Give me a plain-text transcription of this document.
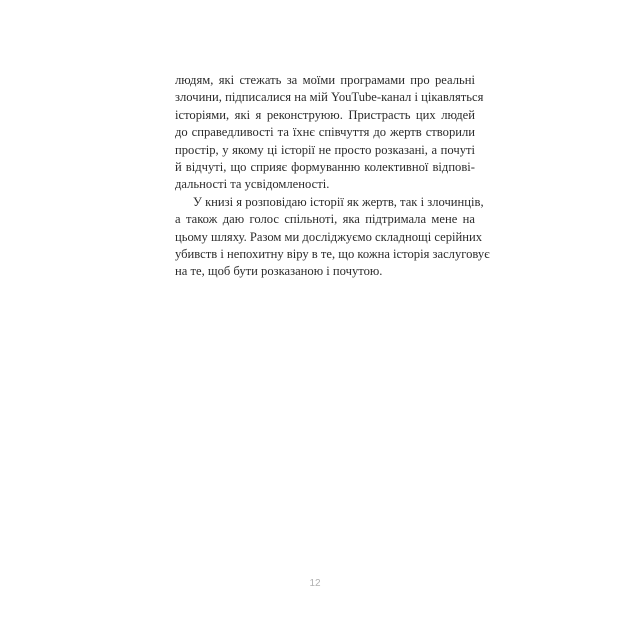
людям, які стежать за моїми програмами про реальні
злочини, підписалися на мій YouTube-канал і цікавляться
історіями, які я реконструюю. Пристрасть цих людей
до справедливості та їхнє співчуття до жертв створили
простір, у якому ці історії не просто розказані, а почуті
й відчуті, що сприяє формуванню колективної відпові-
дальності та усвідомленості.
У книзі я розповідаю історії як жертв, так і злочинців,
а також даю голос спільноті, яка підтримала мене на
цьому шляху. Разом ми досліджуємо складнощі серійних
убивств і непохитну віру в те, що кожна історія заслуговує
на те, щоб бути розказаною і почутою.
12
